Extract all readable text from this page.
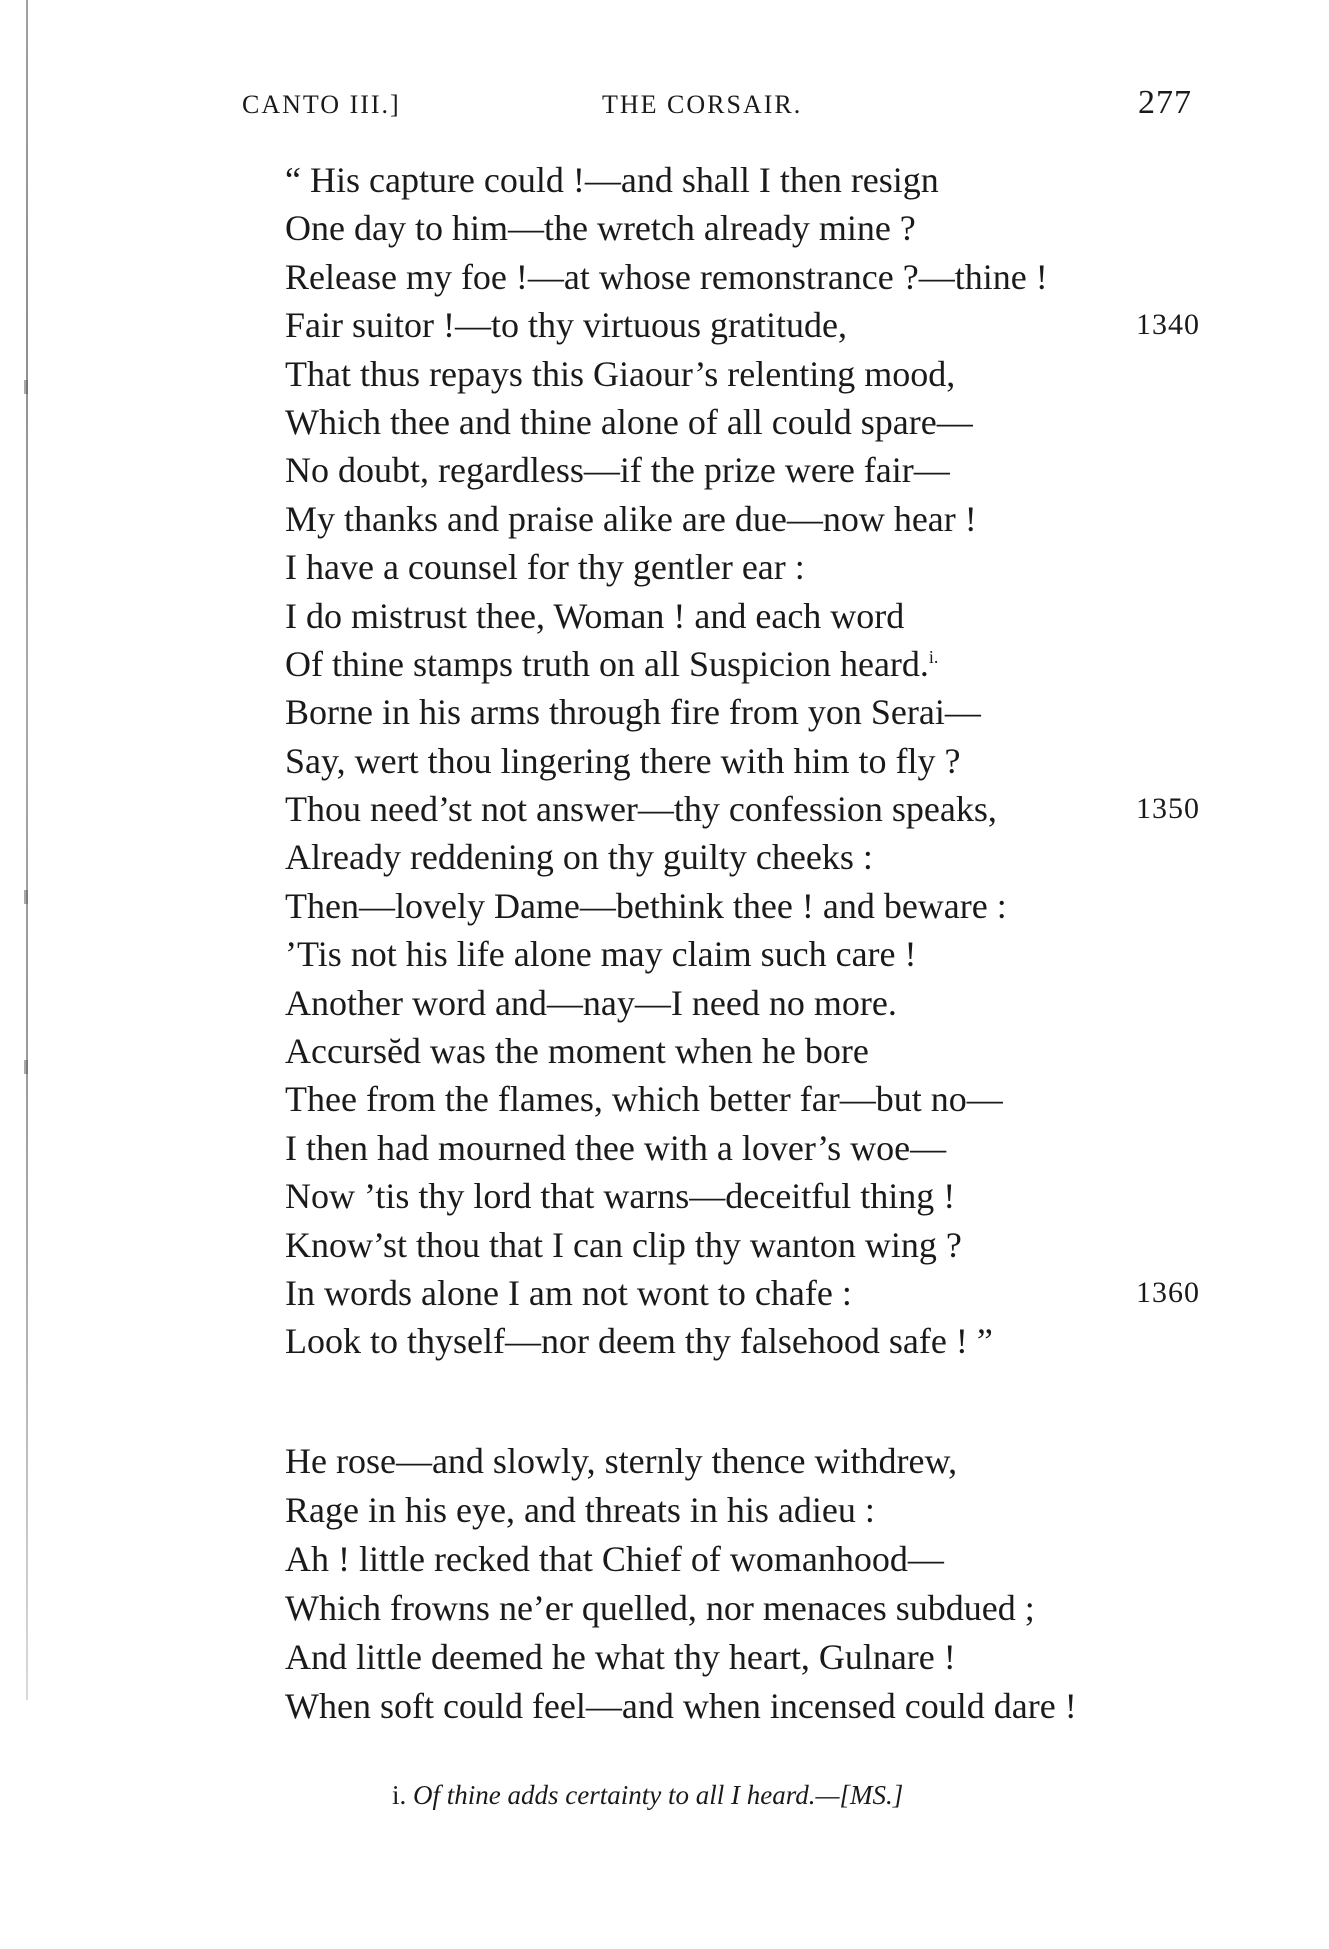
CANTO III.]	THE CORSAIR.	277
“ His capture could !—and shall I then resign
One day to him—the wretch already mine ?
Release my foe !—at whose remonstrance ?—thine !
Fair suitor !—to thy virtuous gratitude,	1340
That thus repays this Giaour’s relenting mood,
Which thee and thine alone of all could spare—
No doubt, regardless—if the prize were fair—
My thanks and praise alike are due—now hear !
I have a counsel for thy gentler ear :
I do mistrust thee, Woman ! and each word
Of thine stamps truth on all Suspicion heard.$^{i.}$
Borne in his arms through fire from yon Serai—
Say, wert thou lingering there with him to fly ?
Thou need’st not answer—thy confession speaks,	1350
Already reddening on thy guilty cheeks :
Then—lovely Dame—bethink thee ! and beware :
’Tis not his life alone may claim such care !
Another word and—nay—I need no more.
Accursĕd was the moment when he bore
Thee from the flames, which better far—but no—
I then had mourned thee with a lover’s woe—
Now ’tis thy lord that warns—deceitful thing !
Know’st thou that I can clip thy wanton wing ?
In words alone I am not wont to chafe :	1360
Look to thyself—nor deem thy falsehood safe ! ”
He rose—and slowly, sternly thence withdrew,
Rage in his eye, and threats in his adieu :
Ah ! little recked that Chief of womanhood—
Which frowns ne’er quelled, nor menaces subdued ;
And little deemed he what thy heart, Gulnare !
When soft could feel—and when incensed could dare !
i. Of thine adds certainty to all I heard.—[MS.]
